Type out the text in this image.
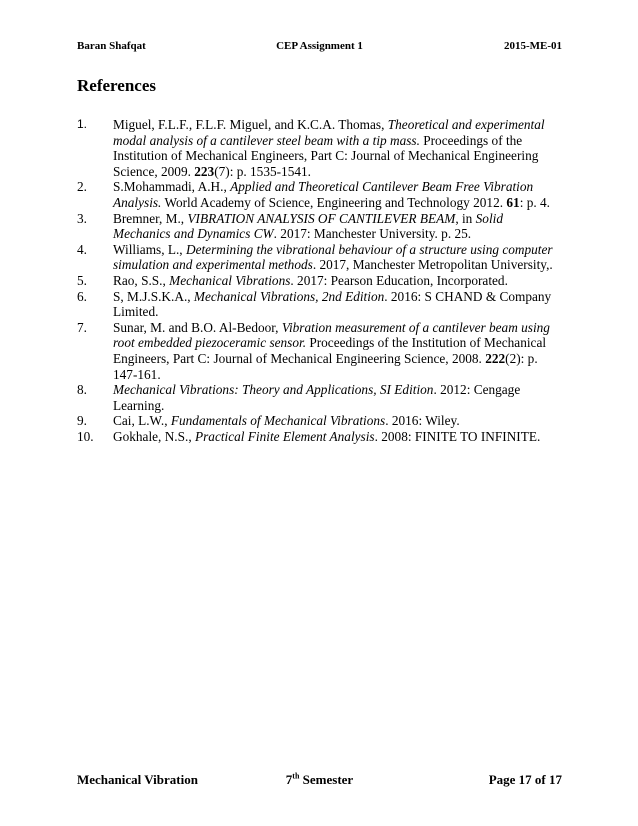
Baran Shafqat	CEP Assignment 1	2015-ME-01
References
1. Miguel, F.L.F., F.L.F. Miguel, and K.C.A. Thomas, Theoretical and experimental modal analysis of a cantilever steel beam with a tip mass. Proceedings of the Institution of Mechanical Engineers, Part C: Journal of Mechanical Engineering Science, 2009. 223(7): p. 1535-1541.
2. S.Mohammadi, A.H., Applied and Theoretical Cantilever Beam Free Vibration Analysis. World Academy of Science, Engineering and Technology 2012. 61: p. 4.
3. Bremner, M., VIBRATION ANALYSIS OF CANTILEVER BEAM, in Solid Mechanics and Dynamics CW. 2017: Manchester University. p. 25.
4. Williams, L., Determining the vibrational behaviour of a structure using computer simulation and experimental methods. 2017, Manchester Metropolitan University,.
5. Rao, S.S., Mechanical Vibrations. 2017: Pearson Education, Incorporated.
6. S, M.J.S.K.A., Mechanical Vibrations, 2nd Edition. 2016: S CHAND & Company Limited.
7. Sunar, M. and B.O. Al-Bedoor, Vibration measurement of a cantilever beam using root embedded piezoceramic sensor. Proceedings of the Institution of Mechanical Engineers, Part C: Journal of Mechanical Engineering Science, 2008. 222(2): p. 147-161.
8. Mechanical Vibrations: Theory and Applications, SI Edition. 2012: Cengage Learning.
9. Cai, L.W., Fundamentals of Mechanical Vibrations. 2016: Wiley.
10. Gokhale, N.S., Practical Finite Element Analysis. 2008: FINITE TO INFINITE.
Mechanical Vibration	7th Semester	Page 17 of 17
